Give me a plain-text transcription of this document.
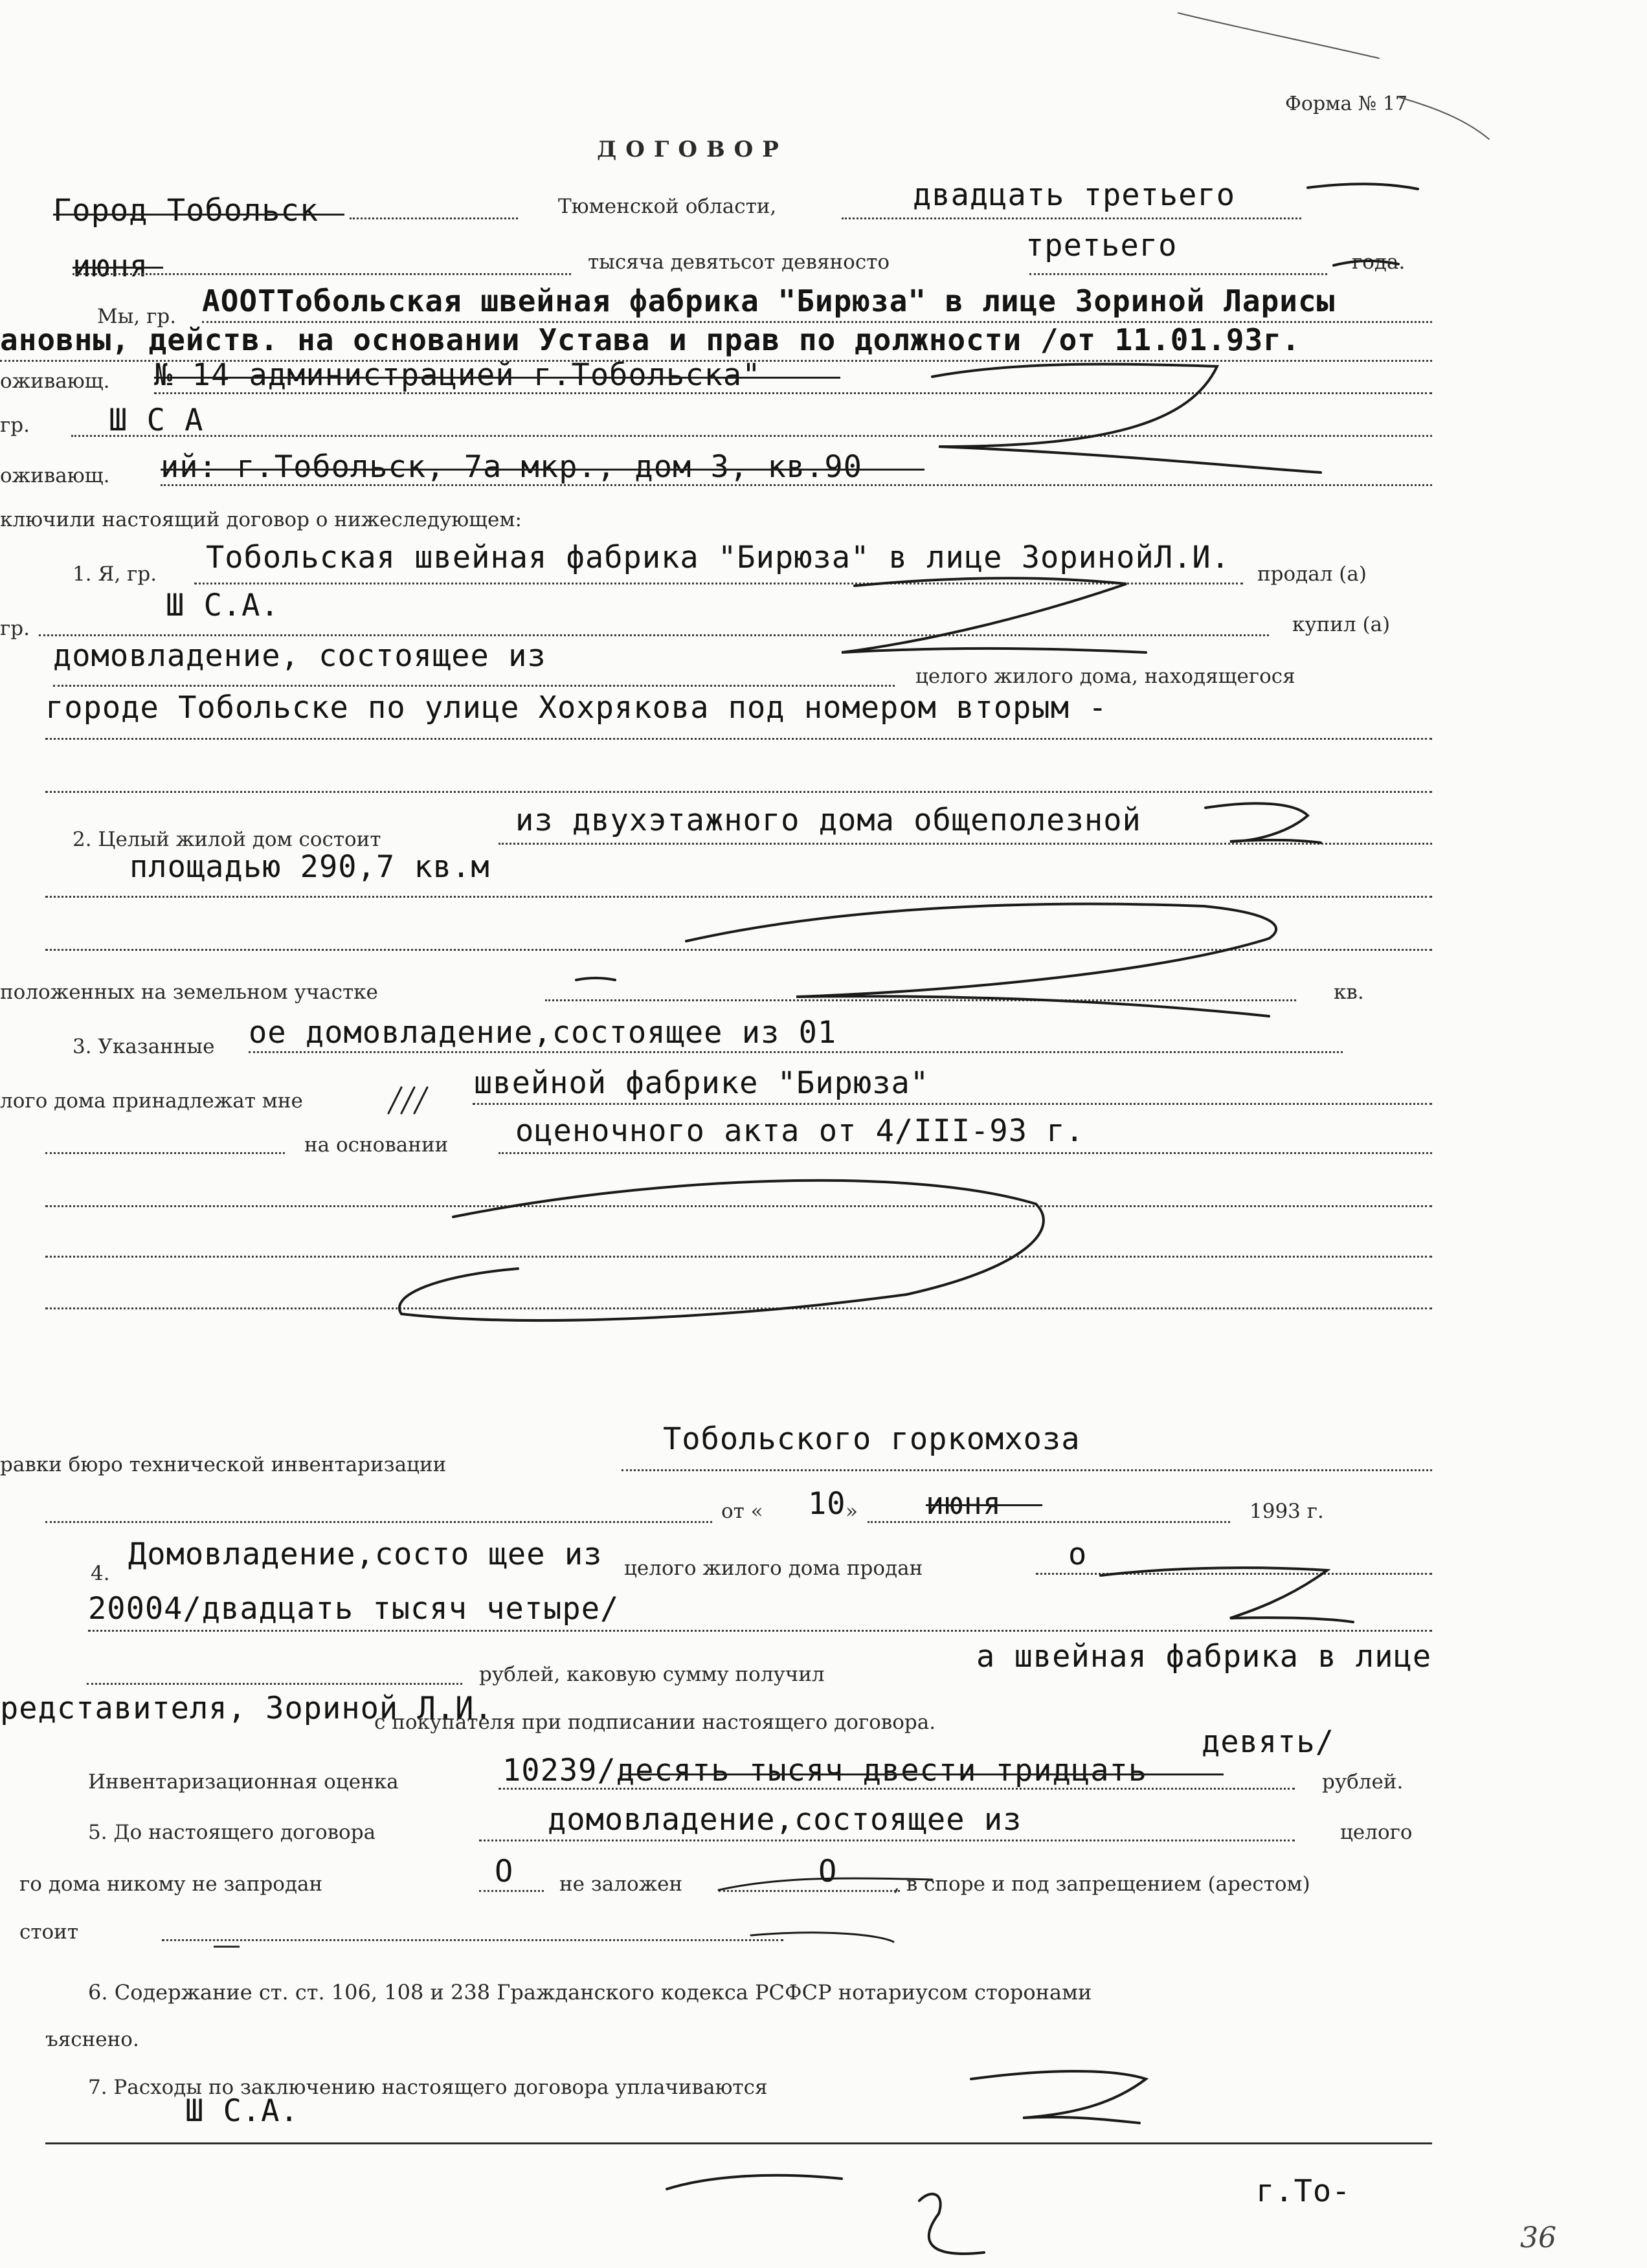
Форма № 17
ДОГОВОР
Город Тобольск	Тюменской области,	двадцать третьего
июня	тысяча девятьсот девяносто	третьего	года.
Мы, гр. АООТТобольская швейная фабрика "Бирюза" в лице Зориной Ларисы
ановны, действ. на основании Устава и прав по должности /от 11.01.93г.
оживающ. № 14 администрацией г.Тобольска"
гр.	Ш С А
оживающ. ий: г.Тобольск, 7а мкр., дом 3, кв.90
ключили настоящий договор о нижеследующем:
1. Я, гр. Тобольская швейная фабрика "Бирюза" в лице ЗоринойЛ.И. продал (а)
Ш С.А.
гр.	купил (а)
домовладение, состоящее из
целого жилого дома, находящегося
городе Тобольске по улице Хохрякова под номером вторым -
2. Целый жилой дом состоит
из двухэтажного дома общеполезной
площадью 290,7 кв.м
положенных на земельном участке	кв.
3. Указанные ое домовладение,состоящее из 01
лого дома принадлежат мне	швейной фабрике "Бирюза"
на основании оценочного акта от 4/III-93 г.
равки бюро технической инвентаризации
Тобольского горкомхоза
от « 10 » июня	1993 г.
4.
Домовладение,состо щее из целого жилого дома продан	о
20004/двадцать тысяч четыре/
рублей, каковую сумму получил	а швейная фабрика в лице
редставителя, Зориной Л.И.
с покупателя при подписании настоящего договора.
девять/
Инвентаризационная оценка	10239/десять тысяч двести тридцать	рублей.
5. До настоящего договора	домовладение,состоящее из	целого
го дома никому не запродан	О не заложен	О	, в споре и под запрещением (арестом)
стоит
6. Содержание ст. ст. 106, 108 и 238 Гражданского кодекса РСФСР нотариусом сторонами
ъяснено.
7. Расходы по заключению настоящего договора уплачиваются
Ш С.А.
г.То-
36
